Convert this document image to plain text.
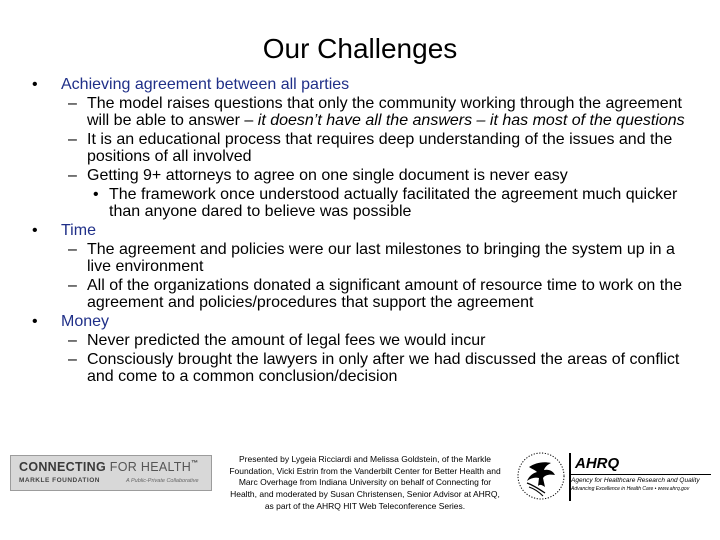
Our Challenges
• Achieving agreement between all parties
– The model raises questions that only the community working through the agreement will be able to answer – it doesn’t have all the answers – it has most of the questions
– It is an educational process that requires deep understanding of the issues and the positions of all involved
– Getting 9+ attorneys to agree on one single document is never easy
• The framework once understood actually facilitated the agreement much quicker than anyone dared to believe was possible
• Time
– The agreement and policies were our last milestones to bringing the system up in a live environment
– All of the organizations donated a significant amount of resource time to work on the agreement and policies/procedures that support the agreement
• Money
– Never predicted the amount of legal fees we would incur
– Consciously brought the lawyers in only after we had discussed the areas of conflict and come to a common conclusion/decision
CONNECTING FOR HEALTH™
MARKLE FOUNDATION	A Public-Private Collaborative
Presented by Lygeia Ricciardi and Melissa Goldstein, of the Markle Foundation, Vicki Estrin from the Vanderbilt Center for Better Health and Marc Overhage from Indiana University on behalf of Connecting for Health, and moderated by Susan Christensen, Senior Advisor at AHRQ, as part of the AHRQ HIT Web Teleconference Series.
AHRQ
Agency for Healthcare Research and Quality
Advancing Excellence in Health Care • www.ahrq.gov
